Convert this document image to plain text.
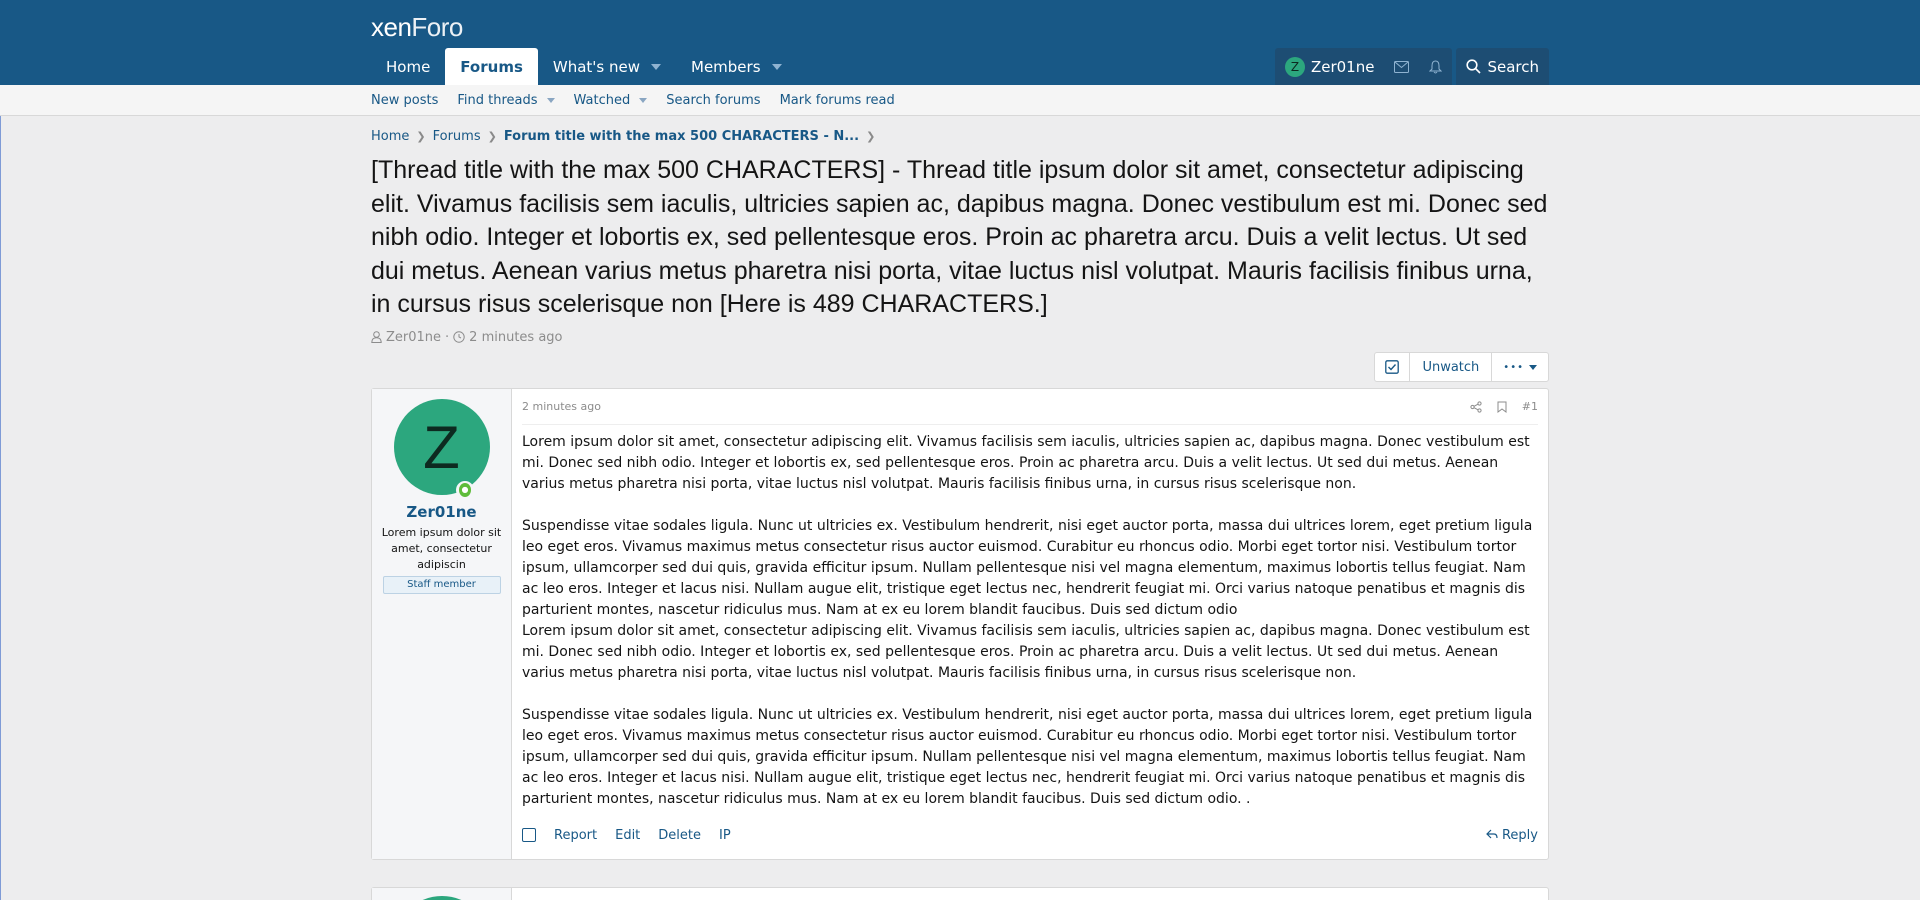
xenForo
Home Forums What's new	Members	Z Zer01ne	Search
New posts Find threads	Watched	Search forums Mark forums read
Home ❯ Forums ❯ Forum title with the max 500 CHARACTERS - N... ❯
[Thread title with the max 500 CHARACTERS] - Thread title ipsum dolor sit amet, consectetur adipiscing elit. Vivamus facilisis sem iaculis, ultricies sapien ac, dapibus magna. Donec vestibulum est mi. Donec sed nibh odio. Integer et lobortis ex, sed pellentesque eros. Proin ac pharetra arcu. Duis a velit lectus. Ut sed dui metus. Aenean varius metus pharetra nisi porta, vitae luctus nisl volutpat. Mauris facilisis finibus urna, in cursus risus scelerisque non [Here is 489 CHARACTERS.]
Zer01ne · 2 minutes ago
Unwatch	•••
Z
●
Zer01ne
Lorem ipsum dolor sit amet, consectetur adipiscin
Staff member
2 minutes ago	#1

Lorem ipsum dolor sit amet, consectetur adipiscing elit. Vivamus facilisis sem iaculis, ultricies sapien ac, dapibus magna. Donec vestibulum est mi. Donec sed nibh odio. Integer et lobortis ex, sed pellentesque eros. Proin ac pharetra arcu. Duis a velit lectus. Ut sed dui metus. Aenean varius metus pharetra nisi porta, vitae luctus nisl volutpat. Mauris facilisis finibus urna, in cursus risus scelerisque non.

Suspendisse vitae sodales ligula. Nunc ut ultricies ex. Vestibulum hendrerit, nisi eget auctor porta, massa dui ultrices lorem, eget pretium ligula leo eget eros. Vivamus maximus metus consectetur risus auctor euismod. Curabitur eu rhoncus odio. Morbi eget tortor nisi. Vestibulum tortor ipsum, ullamcorper sed dui quis, gravida efficitur ipsum. Nullam pellentesque nisi vel magna elementum, maximus lobortis tellus feugiat. Nam ac leo eros. Integer et lacus nisi. Nullam augue elit, tristique eget lectus nec, hendrerit feugiat mi. Orci varius natoque penatibus et magnis dis parturient montes, nascetur ridiculus mus. Nam at ex eu lorem blandit faucibus. Duis sed dictum odio

Lorem ipsum dolor sit amet, consectetur adipiscing elit. Vivamus facilisis sem iaculis, ultricies sapien ac, dapibus magna. Donec vestibulum est mi. Donec sed nibh odio. Integer et lobortis ex, sed pellentesque eros. Proin ac pharetra arcu. Duis a velit lectus. Ut sed dui metus. Aenean varius metus pharetra nisi porta, vitae luctus nisl volutpat. Mauris facilisis finibus urna, in cursus risus scelerisque non.

Suspendisse vitae sodales ligula. Nunc ut ultricies ex. Vestibulum hendrerit, nisi eget auctor porta, massa dui ultrices lorem, eget pretium ligula leo eget eros. Vivamus maximus metus consectetur risus auctor euismod. Curabitur eu rhoncus odio. Morbi eget tortor nisi. Vestibulum tortor ipsum, ullamcorper sed dui quis, gravida efficitur ipsum. Nullam pellentesque nisi vel magna elementum, maximus lobortis tellus feugiat. Nam ac leo eros. Integer et lacus nisi. Nullam augue elit, tristique eget lectus nec, hendrerit feugiat mi. Orci varius natoque penatibus et magnis dis parturient montes, nascetur ridiculus mus. Nam at ex eu lorem blandit faucibus. Duis sed dictum odio. .

Report Edit Delete IP	Reply
